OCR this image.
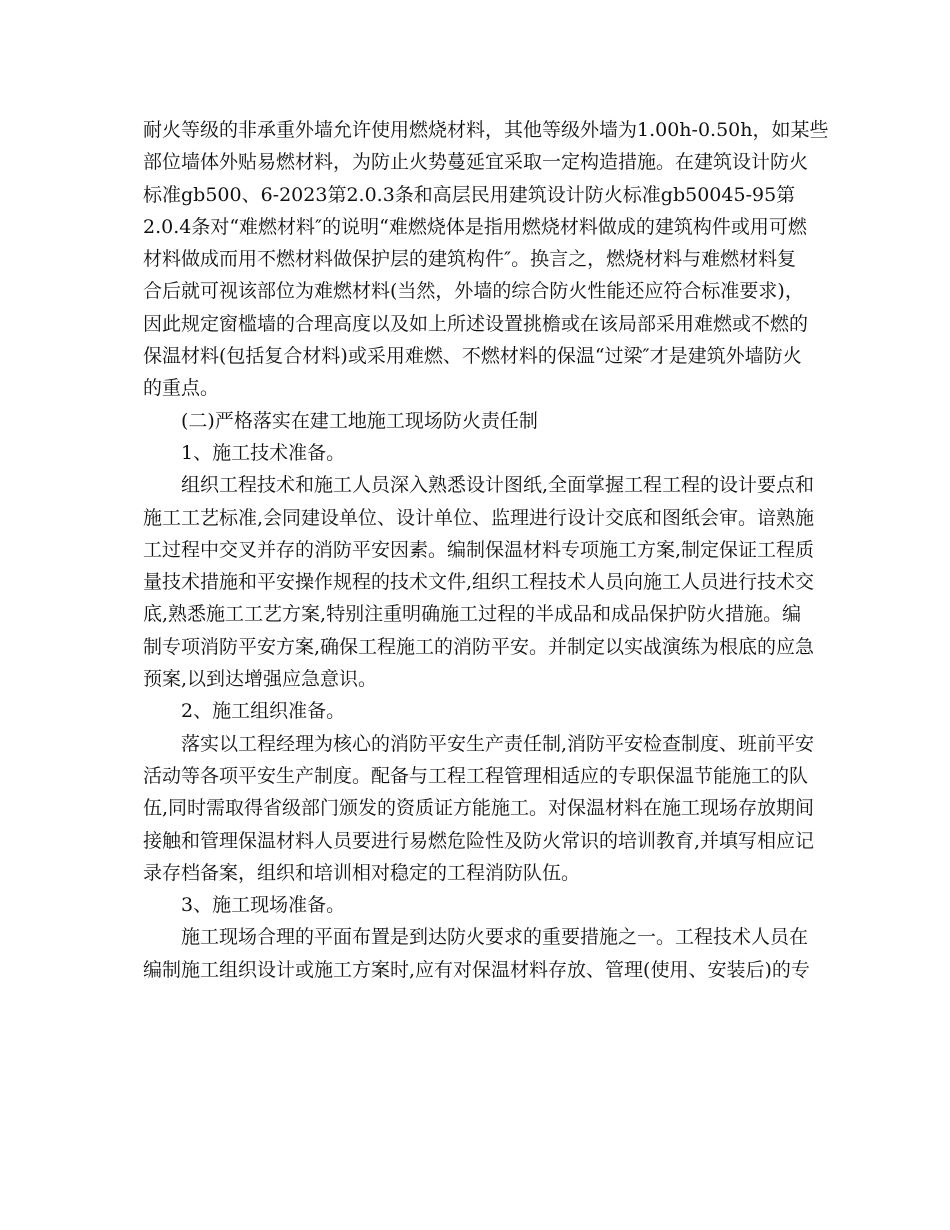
耐火等级的非承重外墙允许使用燃烧材料，其他等级外墙为1.00h-0.50h，如某些
部位墙体外贴易燃材料，为防止火势蔓延宜采取一定构造措施。在建筑设计防火
标准gb500、6-2023第2.0.3条和高层民用建筑设计防火标准gb50045-95第
2.0.4条对“难燃材料″的说明“难燃烧体是指用燃烧材料做成的建筑构件或用可燃
材料做成而用不燃材料做保护层的建筑构件″。换言之，燃烧材料与难燃材料复
合后就可视该部位为难燃材料(当然，外墙的综合防火性能还应符合标准要求)，
因此规定窗槛墙的合理高度以及如上所述设置挑檐或在该局部采用难燃或不燃的
保温材料(包括复合材料)或采用难燃、不燃材料的保温“过梁″才是建筑外墙防火
的重点。
(二)严格落实在建工地施工现场防火责任制
1、施工技术准备。
组织工程技术和施工人员深入熟悉设计图纸,全面掌握工程工程的设计要点和
施工工艺标准,会同建设单位、设计单位、监理进行设计交底和图纸会审。谙熟施
工过程中交叉并存的消防平安因素。编制保温材料专项施工方案,制定保证工程质
量技术措施和平安操作规程的技术文件,组织工程技术人员向施工人员进行技术交
底,熟悉施工工艺方案,特别注重明确施工过程的半成品和成品保护防火措施。编
制专项消防平安方案,确保工程施工的消防平安。并制定以实战演练为根底的应急
预案,以到达增强应急意识。
2、施工组织准备。
落实以工程经理为核心的消防平安生产责任制,消防平安检查制度、班前平安
活动等各项平安生产制度。配备与工程工程管理相适应的专职保温节能施工的队
伍,同时需取得省级部门颁发的资质证方能施工。对保温材料在施工现场存放期间
接触和管理保温材料人员要进行易燃危险性及防火常识的培训教育,并填写相应记
录存档备案，组织和培训相对稳定的工程消防队伍。
3、施工现场准备。
施工现场合理的平面布置是到达防火要求的重要措施之一。工程技术人员在
编制施工组织设计或施工方案时,应有对保温材料存放、管理(使用、安装后)的专
